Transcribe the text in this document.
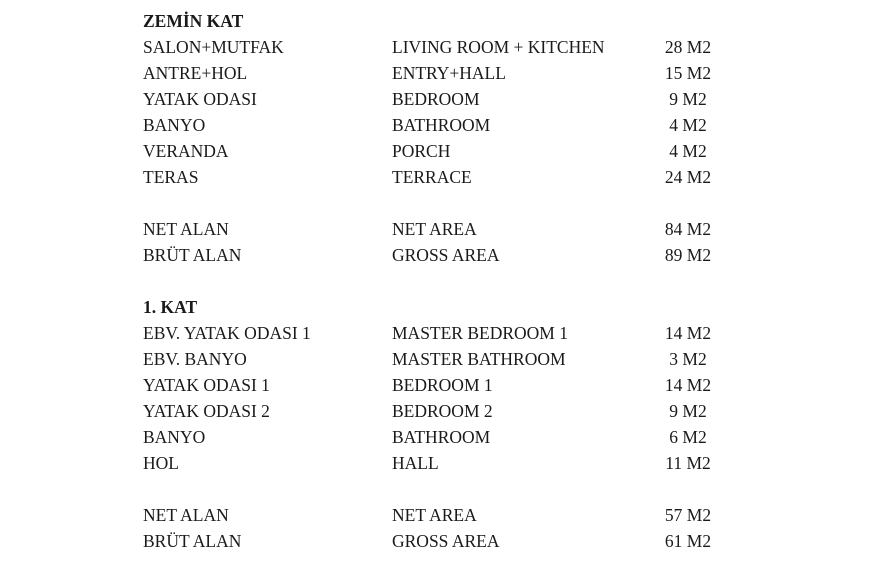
ZEMİN KAT
SALON+MUTFAK	LIVING ROOM + KITCHEN	28 M2
ANTRE+HOL	ENTRY+HALL	15 M2
YATAK ODASI	BEDROOM	9 M2
BANYO	BATHROOM	4 M2
VERANDA	PORCH	4 M2
TERAS	TERRACE	24 M2
NET ALAN	NET AREA	84 M2
BRÜT ALAN	GROSS AREA	89 M2
1. KAT
EBV. YATAK ODASI 1	MASTER BEDROOM 1	14 M2
EBV. BANYO	MASTER BATHROOM	3 M2
YATAK ODASI 1	BEDROOM 1	14 M2
YATAK ODASI 2	BEDROOM 2	9 M2
BANYO	BATHROOM	6 M2
HOL	HALL	11 M2
NET ALAN	NET AREA	57 M2
BRÜT ALAN	GROSS AREA	61 M2
